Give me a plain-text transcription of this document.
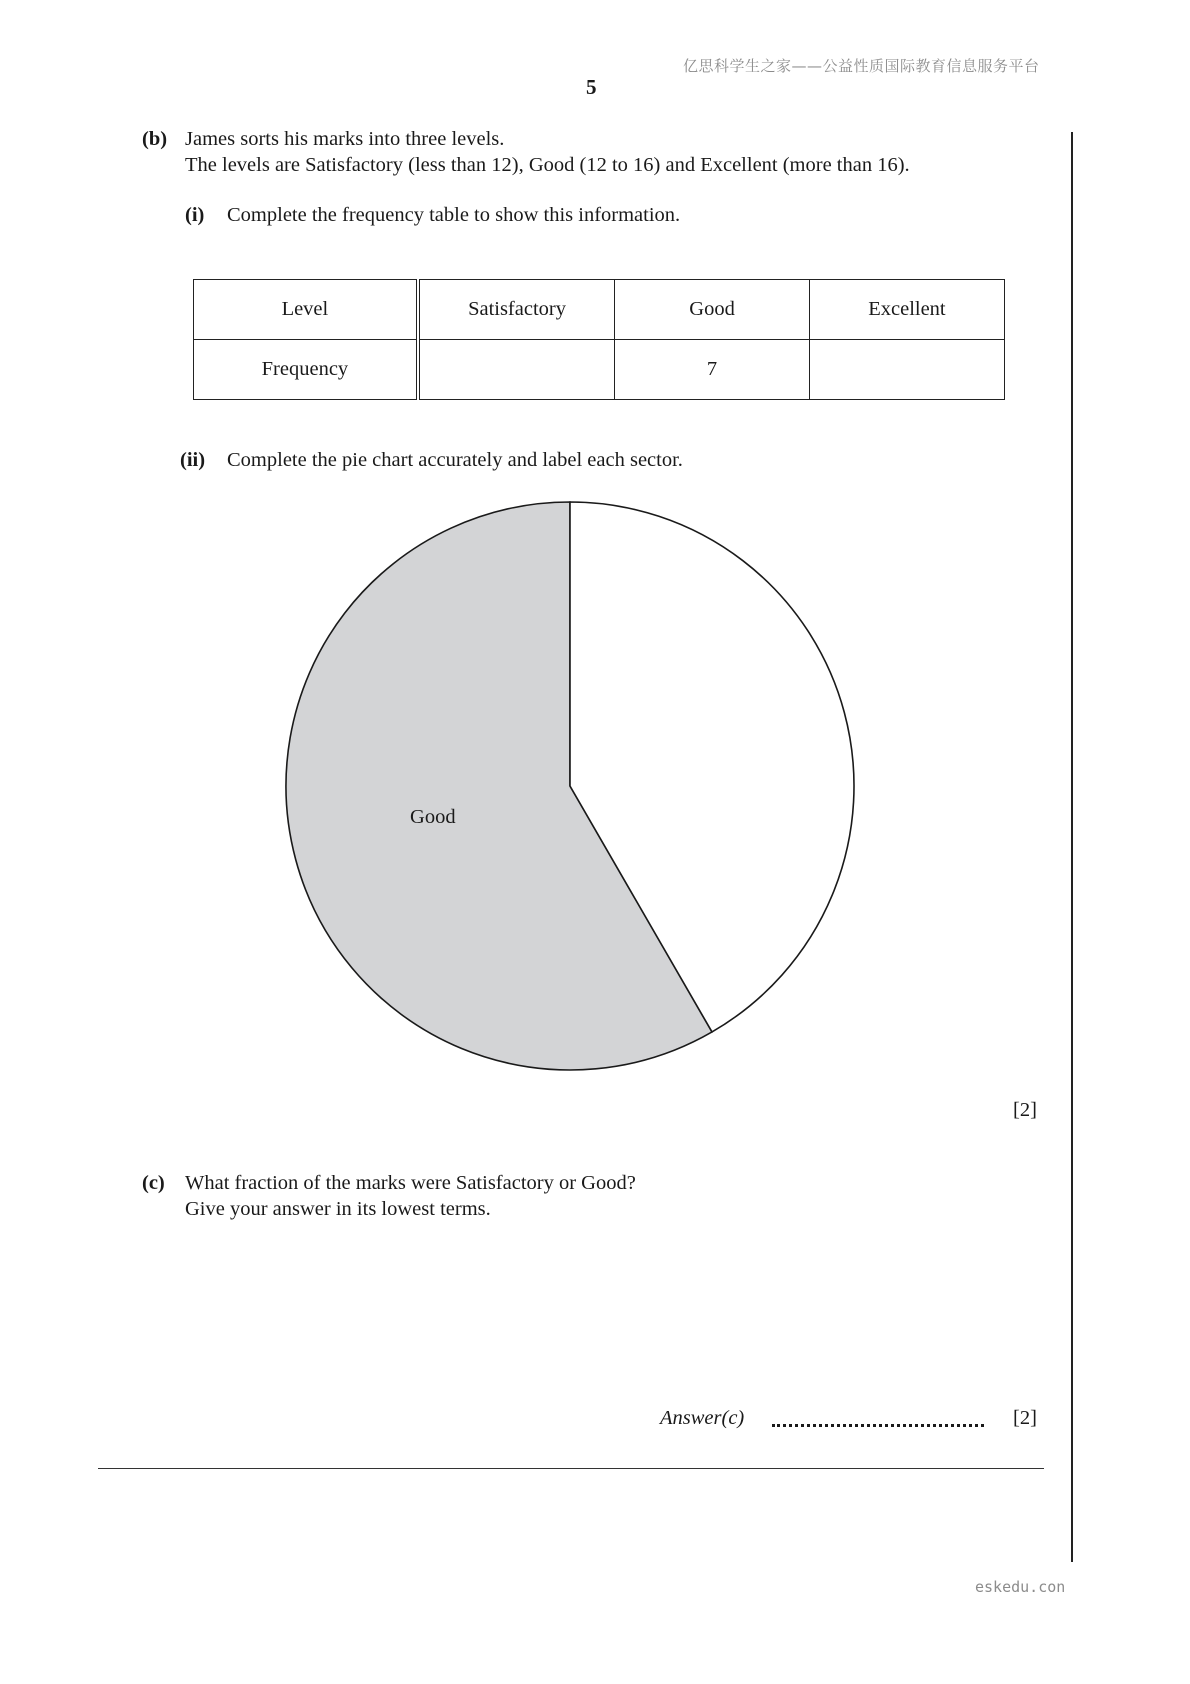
亿思科学生之家——公益性质国际教育信息服务平台
5
(b) James sorts his marks into three levels.
The levels are Satisfactory (less than 12), Good (12 to 16) and Excellent (more than 16).
(i) Complete the frequency table to show this information.
Level	Satisfactory	Good	Excellent
Frequency		7	
(ii) Complete the pie chart accurately and label each sector.
Good
[2]
(c) What fraction of the marks were Satisfactory or Good?
Give your answer in its lowest terms.
Answer(c)	[2]
eskedu.con
